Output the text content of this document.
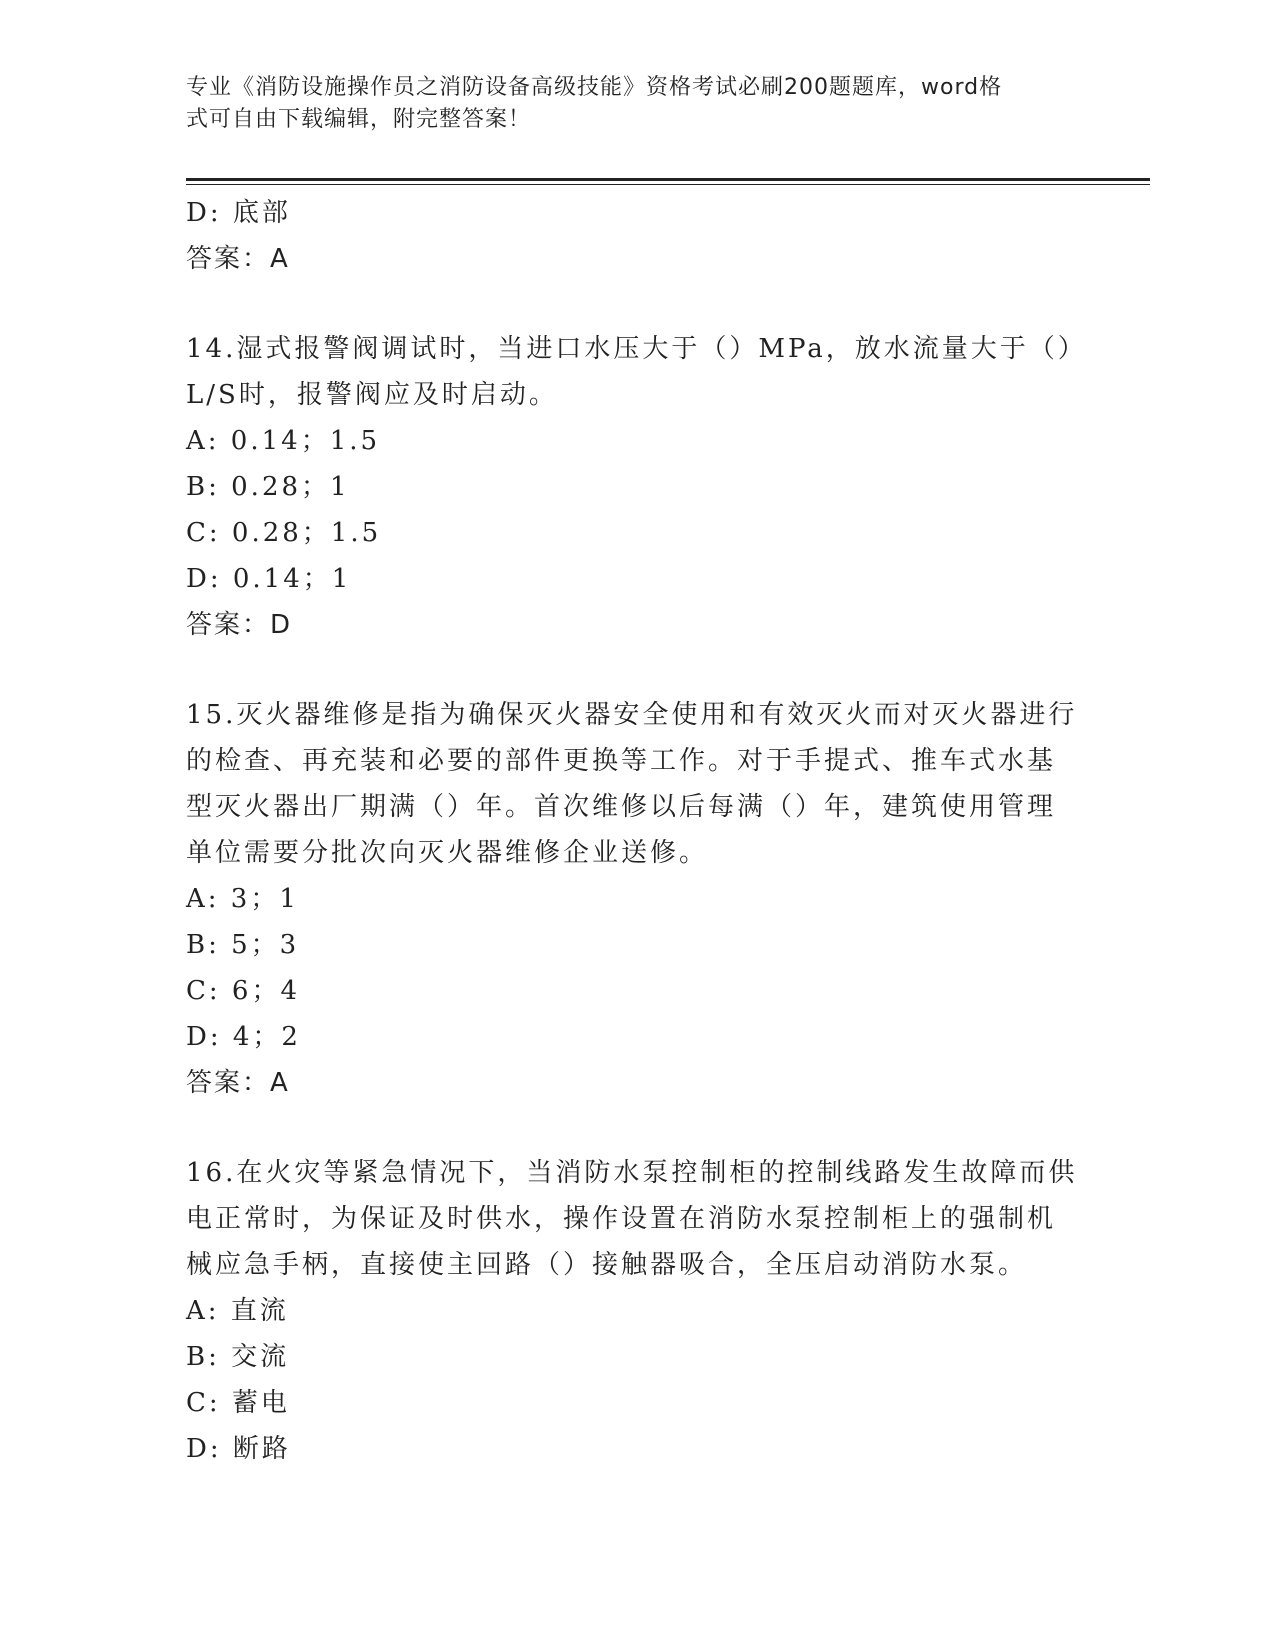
专业《消防设施操作员之消防设备高级技能》资格考试必刷200题题库，word格
式可自由下载编辑，附完整答案！
D: 底部
答案：A
14.湿式报警阀调试时，当进口水压大于（）MPa，放水流量大于（）
L/S时，报警阀应及时启动。
A: 0.14；1.5
B: 0.28；1
C: 0.28；1.5
D: 0.14；1
答案：D
15.灭火器维修是指为确保灭火器安全使用和有效灭火而对灭火器进行
的检查、再充装和必要的部件更换等工作。对于手提式、推车式水基
型灭火器出厂期满（）年。首次维修以后每满（）年，建筑使用管理
单位需要分批次向灭火器维修企业送修。
A: 3；1
B: 5；3
C: 6；4
D: 4；2
答案：A
16.在火灾等紧急情况下，当消防水泵控制柜的控制线路发生故障而供
电正常时，为保证及时供水，操作设置在消防水泵控制柜上的强制机
械应急手柄，直接使主回路（）接触器吸合，全压启动消防水泵。
A: 直流
B: 交流
C: 蓄电
D: 断路
